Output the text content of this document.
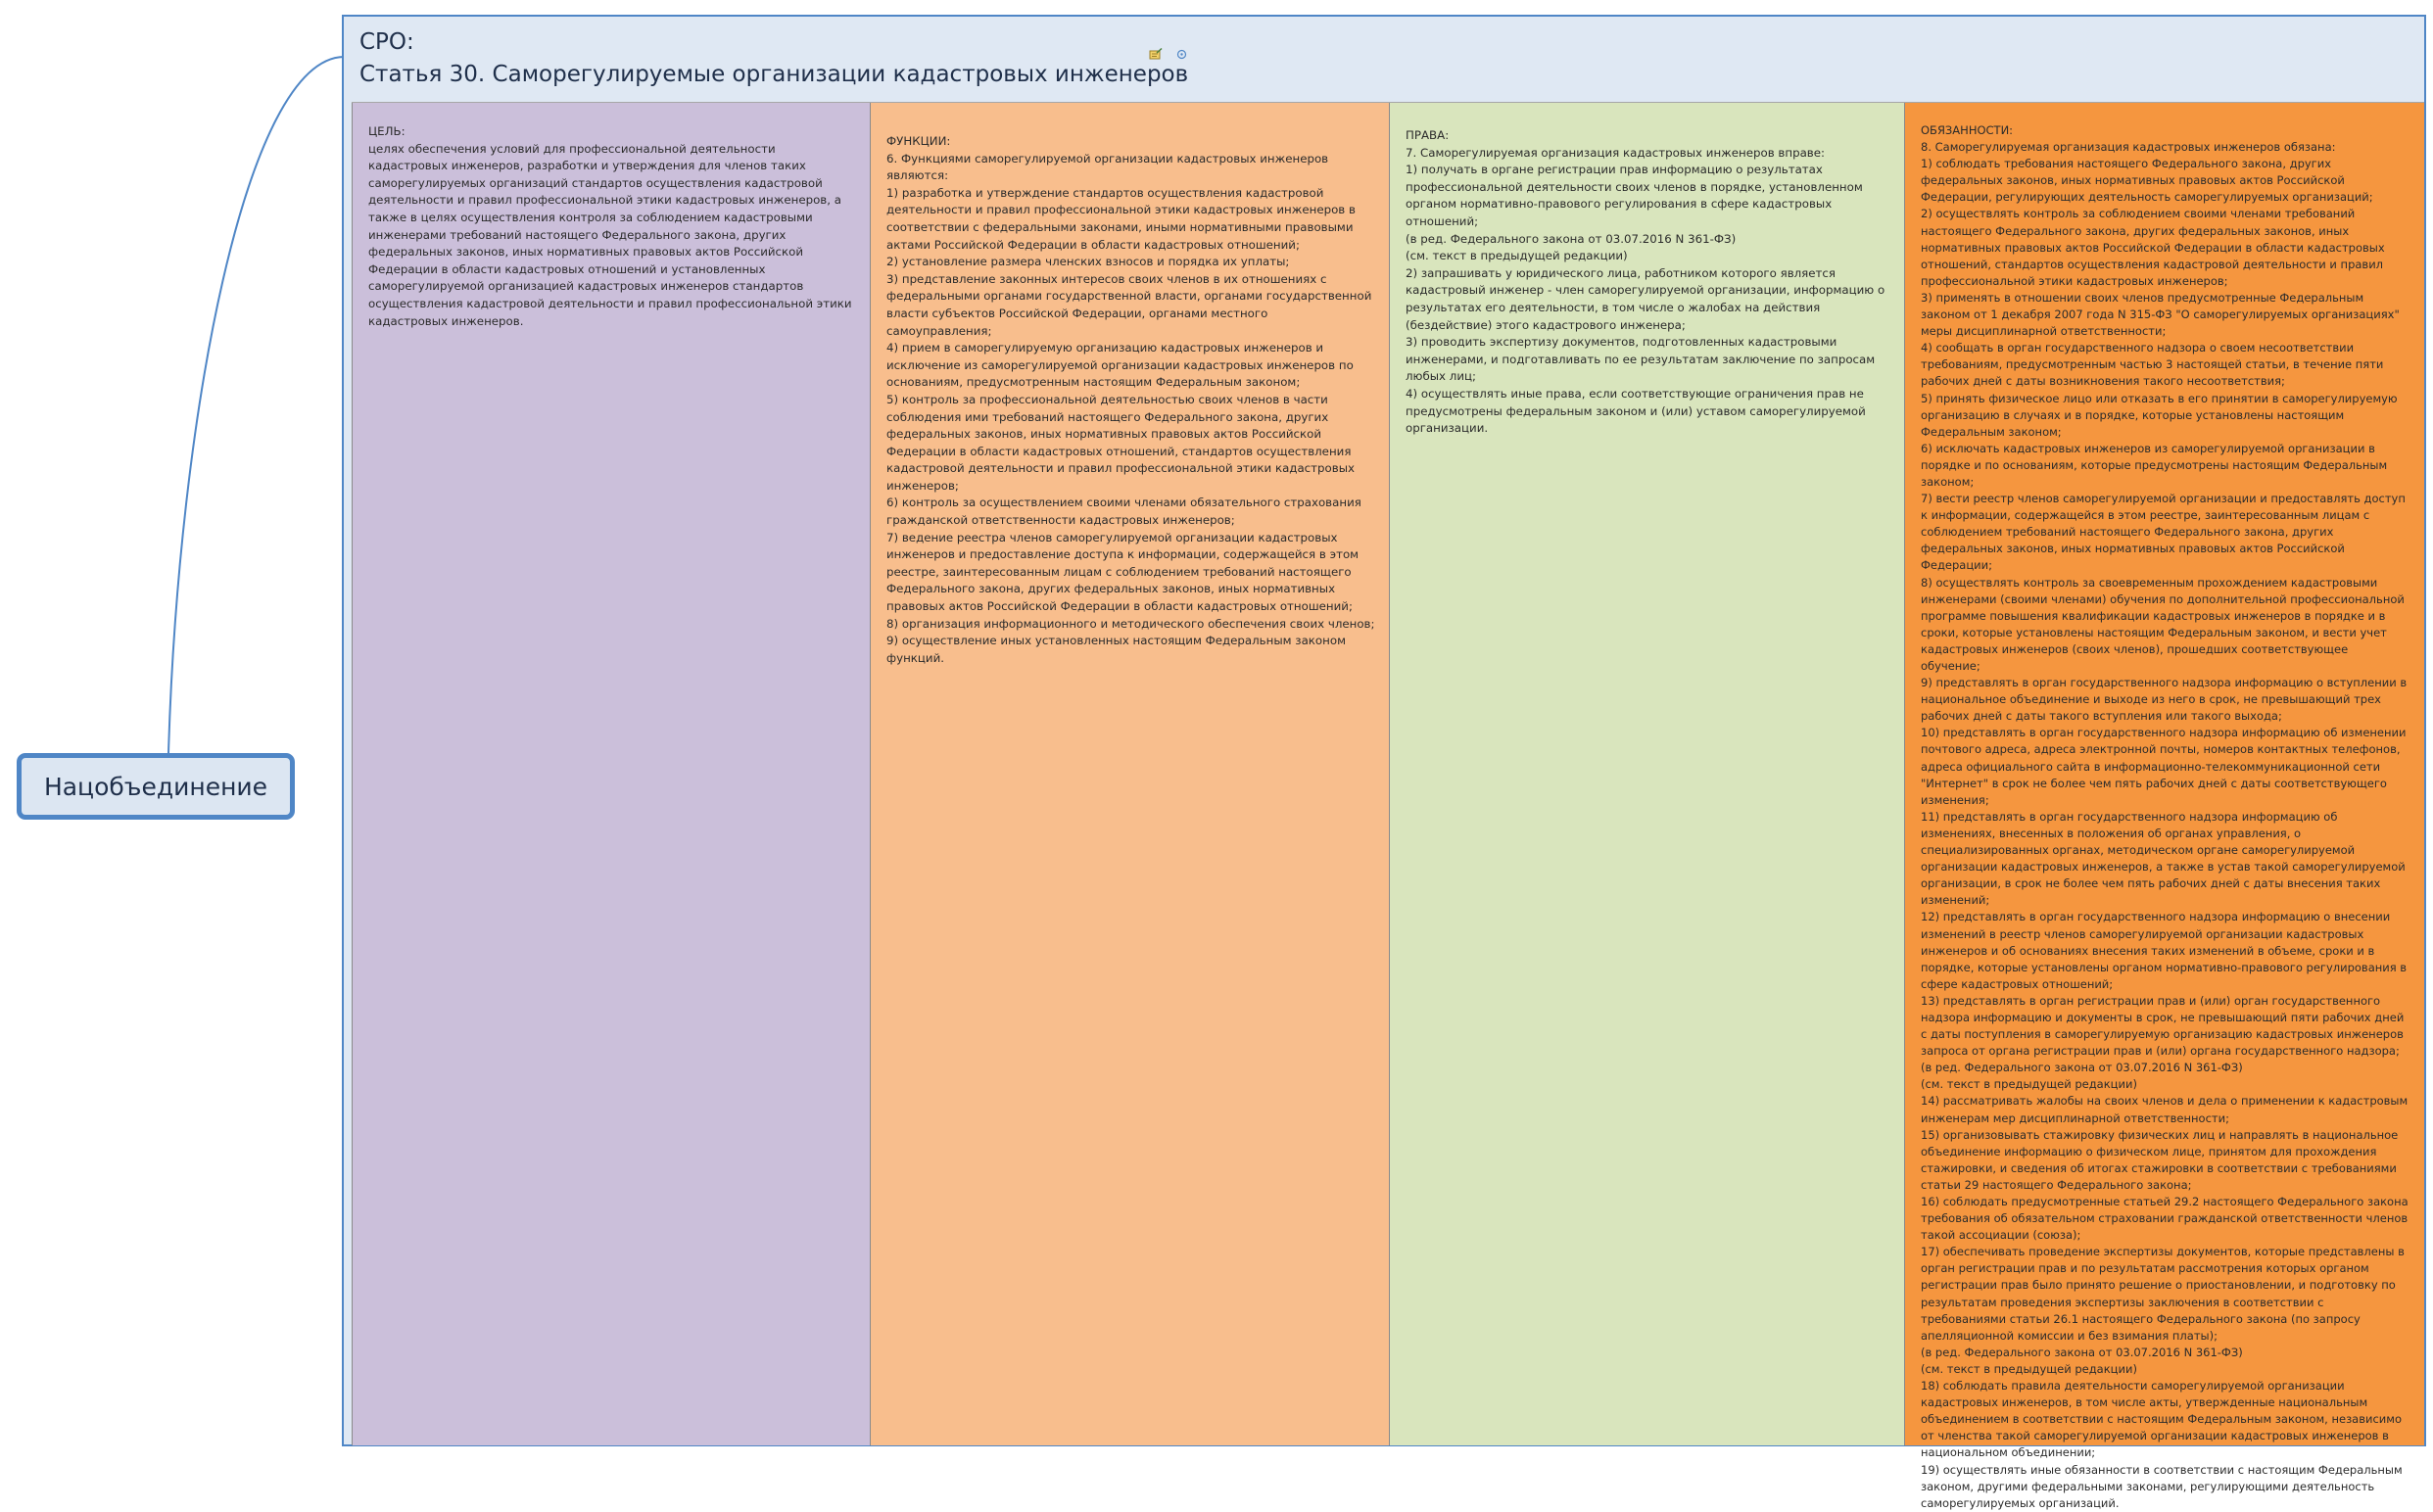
Нацобъединение
СРО:
Статья 30. Саморегулируемые организации кадастровых инженеров
ЦЕЛЬ:
целях обеспечения условий для профессиональной деятельности кадастровых инженеров, разработки и утверждения для членов таких саморегулируемых организаций стандартов осуществления кадастровой деятельности и правил профессиональной этики кадастровых инженеров, а также в целях осуществления контроля за соблюдением кадастровыми инженерами требований настоящего Федерального закона, других федеральных законов, иных нормативных правовых актов Российской Федерации в области кадастровых отношений и установленных саморегулируемой организацией кадастровых инженеров стандартов осуществления кадастровой деятельности и правил профессиональной этики кадастровых инженеров.
ФУНКЦИИ:
6. Функциями саморегулируемой организации кадастровых инженеров являются:
1) разработка и утверждение стандартов осуществления кадастровой деятельности и правил профессиональной этики кадастровых инженеров в соответствии с федеральными законами, иными нормативными правовыми актами Российской Федерации в области кадастровых отношений;
2) установление размера членских взносов и порядка их уплаты;
3) представление законных интересов своих членов в их отношениях с федеральными органами государственной власти, органами государственной власти субъектов Российской Федерации, органами местного самоуправления;
4) прием в саморегулируемую организацию кадастровых инженеров и исключение из саморегулируемой организации кадастровых инженеров по основаниям, предусмотренным настоящим Федеральным законом;
5) контроль за профессиональной деятельностью своих членов в части соблюдения ими требований настоящего Федерального закона, других федеральных законов, иных нормативных правовых актов Российской Федерации в области кадастровых отношений, стандартов осуществления кадастровой деятельности и правил профессиональной этики кадастровых инженеров;
6) контроль за осуществлением своими членами обязательного страхования гражданской ответственности кадастровых инженеров;
7) ведение реестра членов саморегулируемой организации кадастровых инженеров и предоставление доступа к информации, содержащейся в этом реестре, заинтересованным лицам с соблюдением требований настоящего Федерального закона, других федеральных законов, иных нормативных правовых актов Российской Федерации в области кадастровых отношений;
8) организация информационного и методического обеспечения своих членов;
9) осуществление иных установленных настоящим Федеральным законом функций.
ПРАВА:
7. Саморегулируемая организация кадастровых инженеров вправе:
1) получать в органе регистрации прав информацию о результатах профессиональной деятельности своих членов в порядке, установленном органом нормативно-правового регулирования в сфере кадастровых отношений;
(в ред. Федерального закона от 03.07.2016 N 361-ФЗ)
(см. текст в предыдущей редакции)
2) запрашивать у юридического лица, работником которого является кадастровый инженер - член саморегулируемой организации, информацию о результатах его деятельности, в том числе о жалобах на действия (бездействие) этого кадастрового инженера;
3) проводить экспертизу документов, подготовленных кадастровыми инженерами, и подготавливать по ее результатам заключение по запросам любых лиц;
4) осуществлять иные права, если соответствующие ограничения прав не предусмотрены федеральным законом и (или) уставом саморегулируемой организации.
ОБЯЗАННОСТИ:
8. Саморегулируемая организация кадастровых инженеров обязана:
1) соблюдать требования настоящего Федерального закона, других федеральных законов, иных нормативных правовых актов Российской Федерации, регулирующих деятельность саморегулируемых организаций;
2) осуществлять контроль за соблюдением своими членами требований настоящего Федерального закона, других федеральных законов, иных нормативных правовых актов Российской Федерации в области кадастровых отношений, стандартов осуществления кадастровой деятельности и правил профессиональной этики кадастровых инженеров;
3) применять в отношении своих членов предусмотренные Федеральным законом от 1 декабря 2007 года N 315-ФЗ "О саморегулируемых организациях" меры дисциплинарной ответственности;
4) сообщать в орган государственного надзора о своем несоответствии требованиям, предусмотренным частью 3 настоящей статьи, в течение пяти рабочих дней с даты возникновения такого несоответствия;
5) принять физическое лицо или отказать в его принятии в саморегулируемую организацию в случаях и в порядке, которые установлены настоящим Федеральным законом;
6) исключать кадастровых инженеров из саморегулируемой организации в порядке и по основаниям, которые предусмотрены настоящим Федеральным законом;
7) вести реестр членов саморегулируемой организации и предоставлять доступ к информации, содержащейся в этом реестре, заинтересованным лицам с соблюдением требований настоящего Федерального закона, других федеральных законов, иных нормативных правовых актов Российской Федерации;
8) осуществлять контроль за своевременным прохождением кадастровыми инженерами (своими членами) обучения по дополнительной профессиональной программе повышения квалификации кадастровых инженеров в порядке и в сроки, которые установлены настоящим Федеральным законом, и вести учет кадастровых инженеров (своих членов), прошедших соответствующее обучение;
9) представлять в орган государственного надзора информацию о вступлении в национальное объединение и выходе из него в срок, не превышающий трех рабочих дней с даты такого вступления или такого выхода;
10) представлять в орган государственного надзора информацию об изменении почтового адреса, адреса электронной почты, номеров контактных телефонов, адреса официального сайта в информационно-телекоммуникационной сети "Интернет" в срок не более чем пять рабочих дней с даты соответствующего изменения;
11) представлять в орган государственного надзора информацию об изменениях, внесенных в положения об органах управления, о специализированных органах, методическом органе саморегулируемой организации кадастровых инженеров, а также в устав такой саморегулируемой организации, в срок не более чем пять рабочих дней с даты внесения таких изменений;
12) представлять в орган государственного надзора информацию о внесении изменений в реестр членов саморегулируемой организации кадастровых инженеров и об основаниях внесения таких изменений в объеме, сроки и в порядке, которые установлены органом нормативно-правового регулирования в сфере кадастровых отношений;
13) представлять в орган регистрации прав и (или) орган государственного надзора информацию и документы в срок, не превышающий пяти рабочих дней с даты поступления в саморегулируемую организацию кадастровых инженеров запроса от органа регистрации прав и (или) органа государственного надзора;
(в ред. Федерального закона от 03.07.2016 N 361-ФЗ)
(см. текст в предыдущей редакции)
14) рассматривать жалобы на своих членов и дела о применении к кадастровым инженерам мер дисциплинарной ответственности;
15) организовывать стажировку физических лиц и направлять в национальное объединение информацию о физическом лице, принятом для прохождения стажировки, и сведения об итогах стажировки в соответствии с требованиями статьи 29 настоящего Федерального закона;
16) соблюдать предусмотренные статьей 29.2 настоящего Федерального закона требования об обязательном страховании гражданской ответственности членов такой ассоциации (союза);
17) обеспечивать проведение экспертизы документов, которые представлены в орган регистрации прав и по результатам рассмотрения которых органом регистрации прав было принято решение о приостановлении, и подготовку по результатам проведения экспертизы заключения в соответствии с требованиями статьи 26.1 настоящего Федерального закона (по запросу апелляционной комиссии и без взимания платы);
(в ред. Федерального закона от 03.07.2016 N 361-ФЗ)
(см. текст в предыдущей редакции)
18) соблюдать правила деятельности саморегулируемой организации кадастровых инженеров, в том числе акты, утвержденные национальным объединением в соответствии с настоящим Федеральным законом, независимо от членства такой саморегулируемой организации кадастровых инженеров в национальном объединении;
19) осуществлять иные обязанности в соответствии с настоящим Федеральным законом, другими федеральными законами, регулирующими деятельность саморегулируемых организаций.
